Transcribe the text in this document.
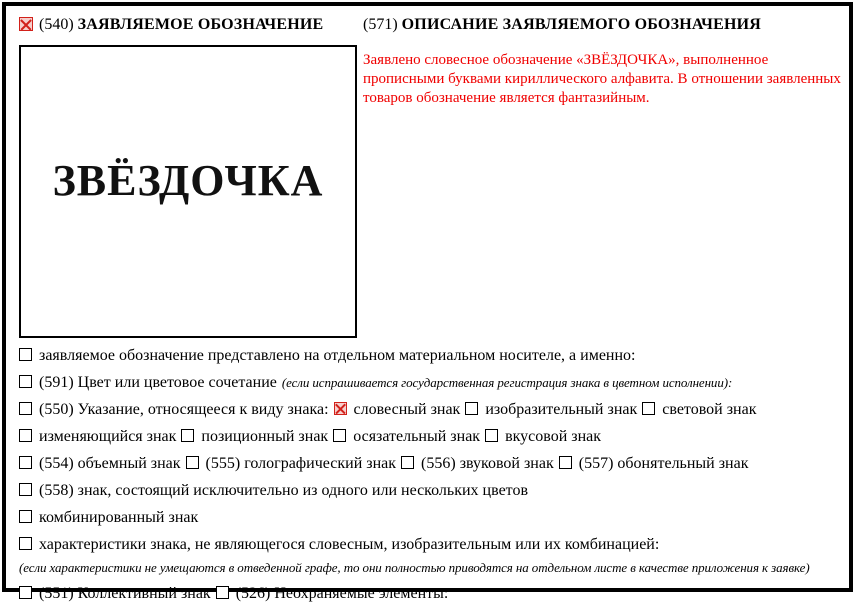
(540) ЗАЯВЛЯЕМОЕ ОБОЗНАЧЕНИЕ (571) ОПИСАНИЕ ЗАЯВЛЯЕМОГО ОБОЗНАЧЕНИЯ
ЗВЁЗДОЧКА
Заявлено словесное обозначение «ЗВЁЗДОЧКА», выполненное прописными буквами кириллического алфавита. В отношении заявленных товаров обозначение является фантазийным.
заявляемое обозначение представлено на отдельном материальном носителе, а именно:
(591) Цвет или цветовое сочетание (если испрашивается государственная регистрация знака в цветном исполнении):
(550) Указание, относящееся к виду знака: словесный знак изобразительный знак световой знак
изменяющийся знак позиционный знак осязательный знак вкусовой знак
(554) объемный знак (555) голографический знак (556) звуковой знак (557) обонятельный знак
(558) знак, состоящий исключительно из одного или нескольких цветов
комбинированный знак
характеристики знака, не являющегося словесным, изобразительным или их комбинацией:
(если характеристики не умещаются в отведенной графе, то они полностью приводятся на отдельном листе в качестве приложения к заявке)
(551) Коллективный знак (526) Неохраняемые элементы:
